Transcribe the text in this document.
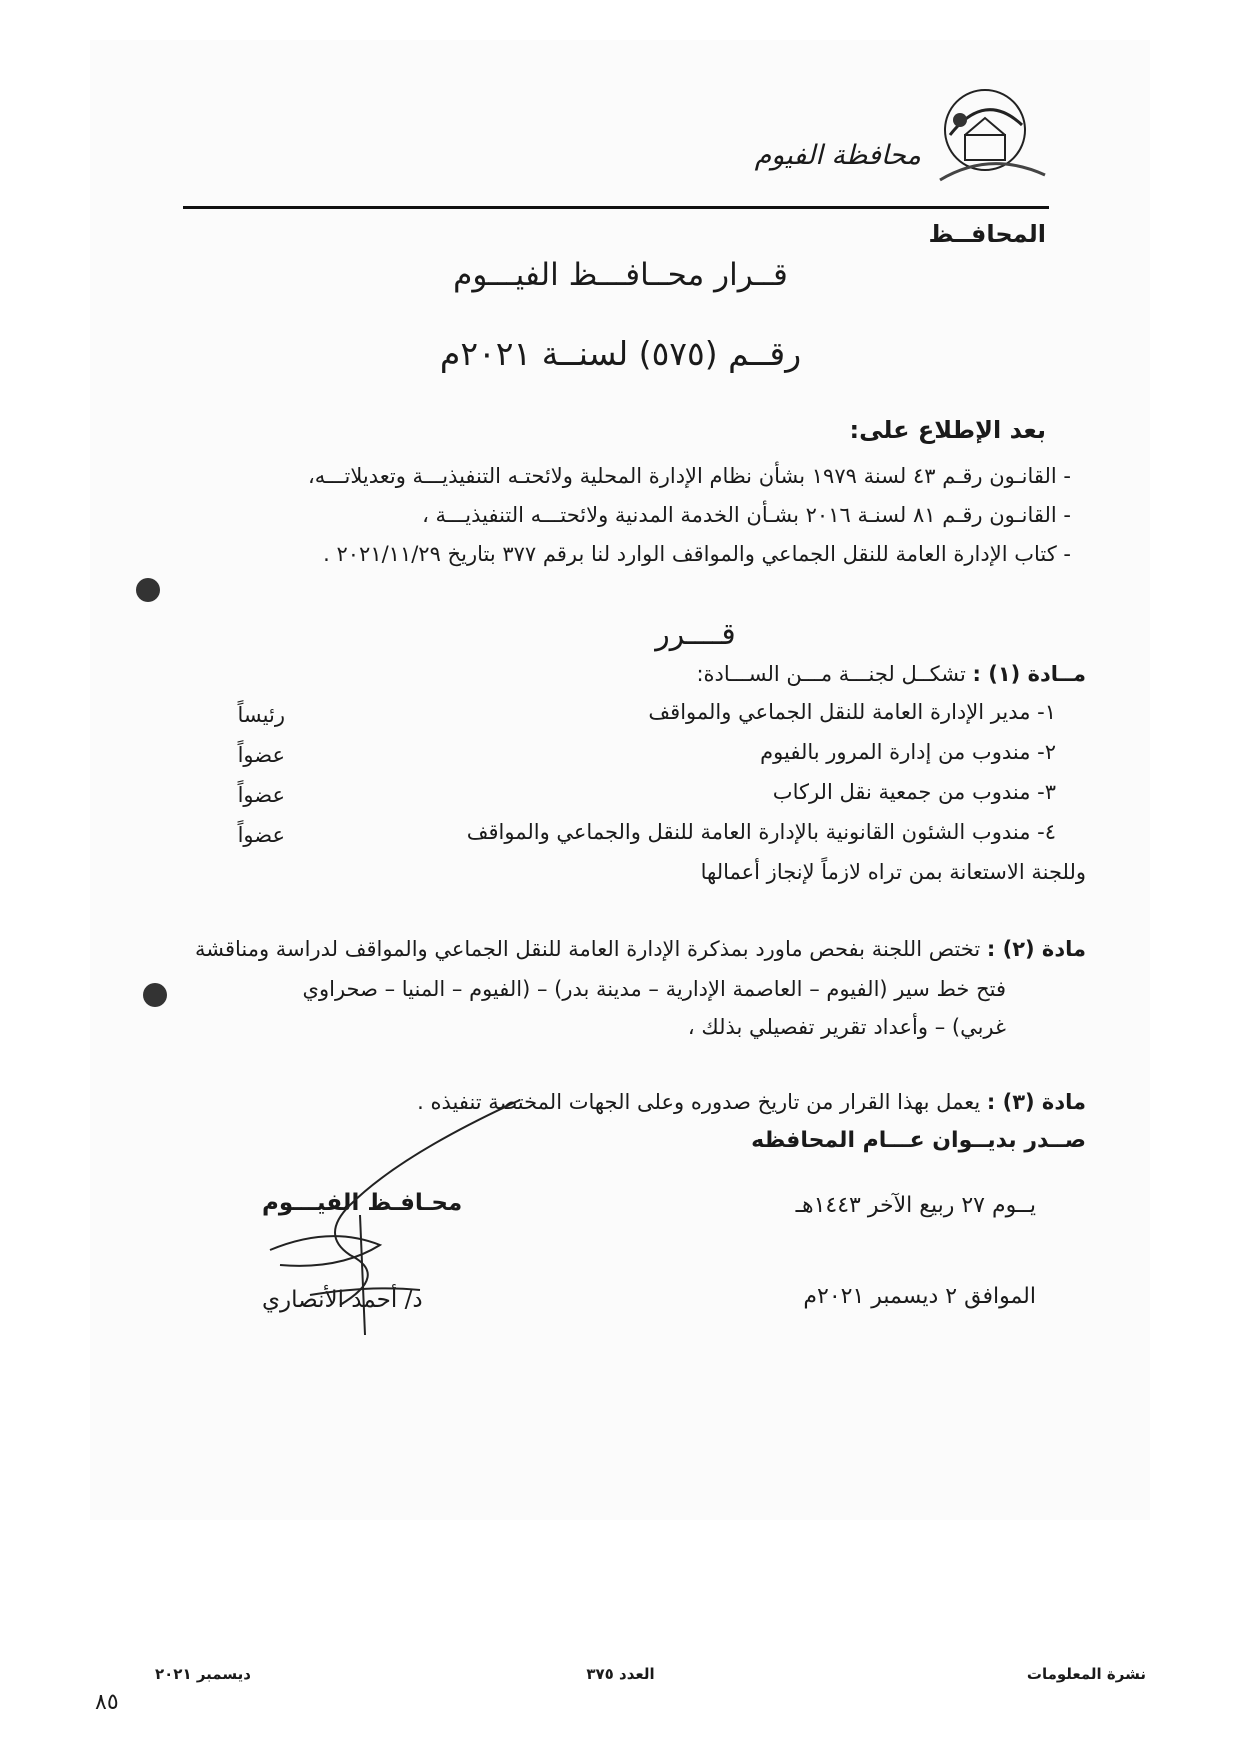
محافظة الفيوم
المحافــظ
قــرار محــافـــظ الفيـــوم
رقــم (٥٧٥) لسنــة ٢٠٢١م
بعد الإطلاع على:
- القانـون رقـم ٤٣ لسنة ١٩٧٩ بشأن نظام الإدارة المحلية ولائحتـه التنفيذيـــة وتعديلاتـــه،
- القانـون رقـم ٨١ لسنـة ٢٠١٦ بشـأن الخدمة المدنية ولائحتـــه التنفيذيـــة ،
- كتاب الإدارة العامة للنقل الجماعي والمواقف الوارد لنا برقم ٣٧٧ بتاريخ ٢٠٢١/١١/٢٩ .
قــــرر
مــادة (١) : تشكــل لجنـــة مـــن الســـادة:
١- مدير الإدارة العامة للنقل الجماعي والمواقف
رئيساً
٢- مندوب من إدارة المرور بالفيوم
عضواً
٣- مندوب من جمعية نقل الركاب
عضواً
٤- مندوب الشئون القانونية بالإدارة العامة للنقل والجماعي والمواقف
عضواً
وللجنة الاستعانة بمن تراه لازماً لإنجاز أعمالها
مادة (٢) : تختص اللجنة بفحص ماورد بمذكرة الإدارة العامة للنقل الجماعي والمواقف لدراسة ومناقشة
فتح خط سير (الفيوم – العاصمة الإدارية – مدينة بدر) – (الفيوم – المنيا – صحراوي
غربي) – وأعداد تقرير تفصيلي بذلك ،
مادة (٣) : يعمل بهذا القرار من تاريخ صدوره وعلى الجهات المختصة تنفيذه .
صــدر بديــوان عـــام المحافظه
يــوم ٢٧ ربيع الآخر ١٤٤٣هـ
الموافق ٢ ديسمبر ٢٠٢١م
محـافـظ الفيـــوم
د/ أحمد الأنصاري
نشرة المعلومات
العدد ٣٧٥
ديسمبر ٢٠٢١
٨٥
